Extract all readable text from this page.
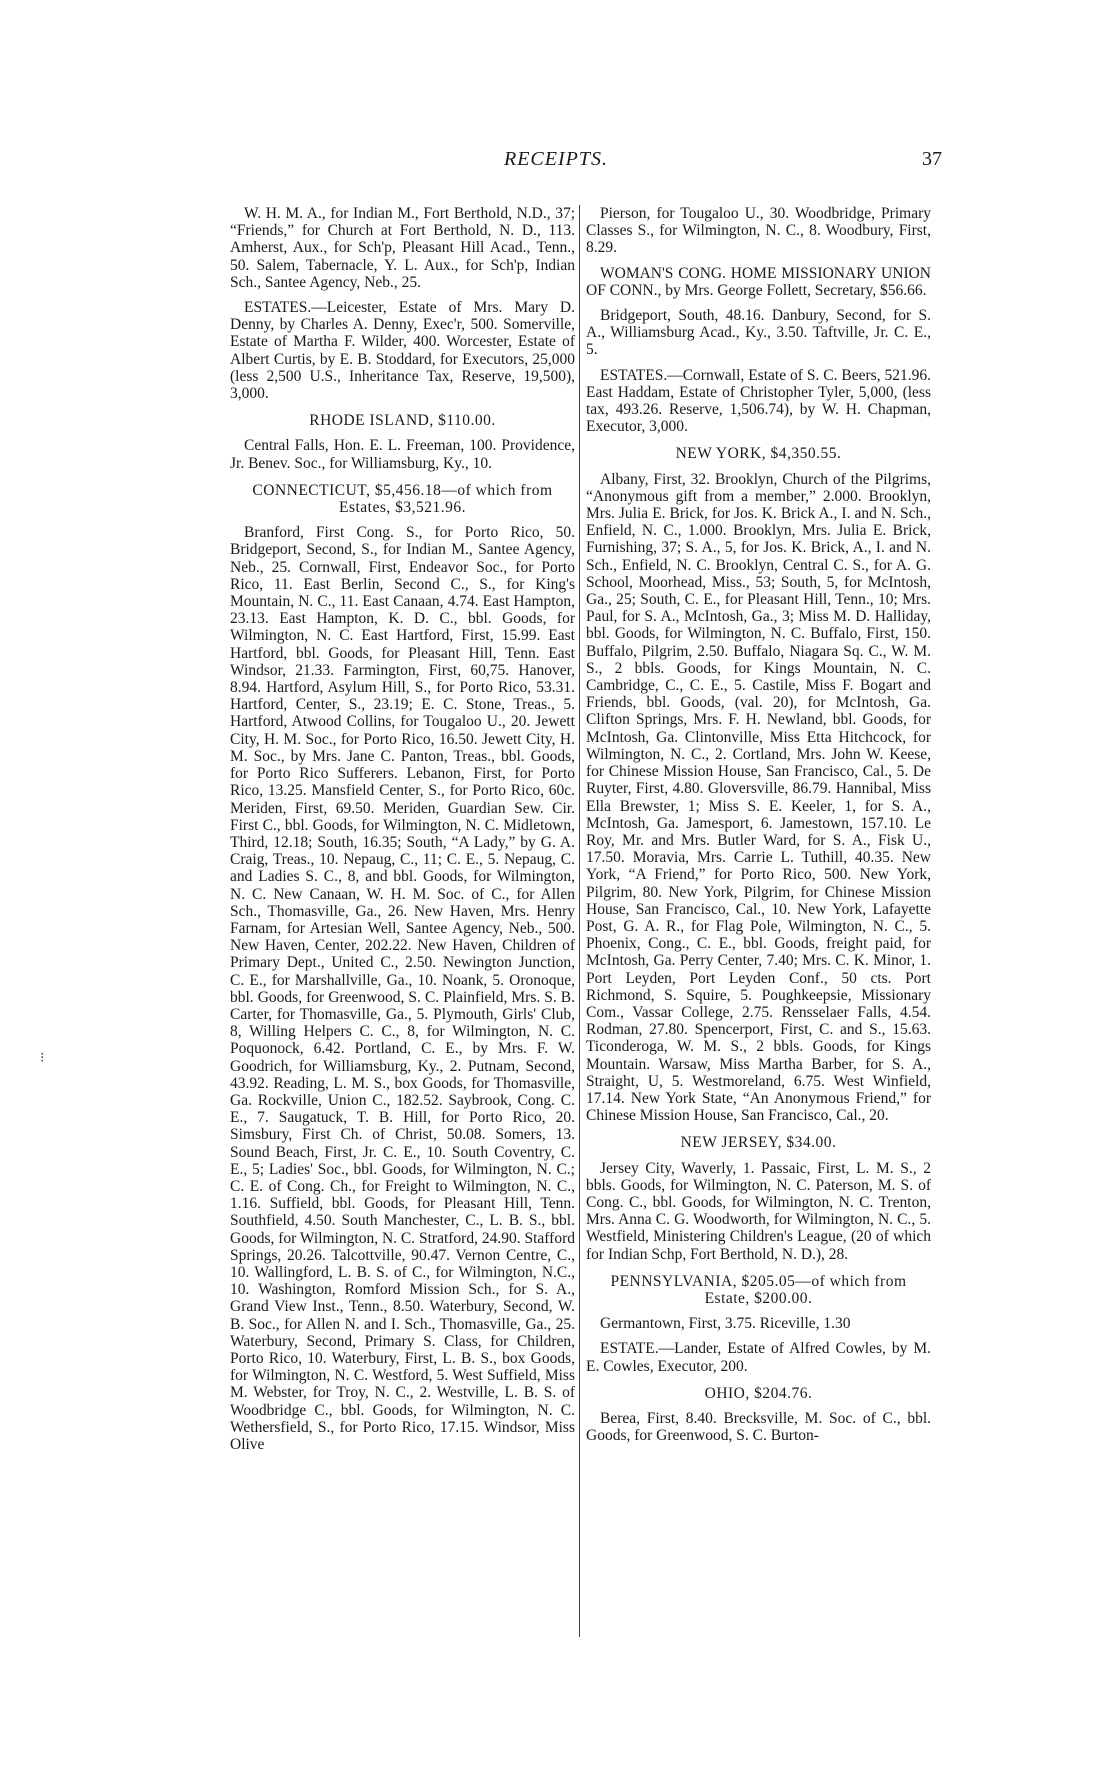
RECEIPTS.	37
⁝

W. H. M. A., for Indian M., Fort Berthold, N.D., 37; “Friends,” for Church at Fort Berthold, N. D., 113. Amherst, Aux., for Sch'p, Pleasant Hill Acad., Tenn., 50. Salem, Tabernacle, Y. L. Aux., for Sch'p, Indian Sch., Santee Agency, Neb., 25.

ESTATES.—Leicester, Estate of Mrs. Mary D. Denny, by Charles A. Denny, Exec'r, 500. Somerville, Estate of Martha F. Wilder, 400. Worcester, Estate of Albert Curtis, by E. B. Stoddard, for Executors, 25,000 (less 2,500 U.S., Inheritance Tax, Reserve, 19,500), 3,000.

RHODE ISLAND, $110.00.

Central Falls, Hon. E. L. Freeman, 100. Providence, Jr. Benev. Soc., for Williamsburg, Ky., 10.

CONNECTICUT, $5,456.18—of which from Estates, $3,521.96.

Branford, First Cong. S., for Porto Rico, 50. Bridgeport, Second, S., for Indian M., Santee Agency, Neb., 25. Cornwall, First, Endeavor Soc., for Porto Rico, 11. East Berlin, Second C., S., for King's Mountain, N. C., 11. East Canaan, 4.74. East Hampton, 23.13. East Hampton, K. D. C., bbl. Goods, for Wilmington, N. C. East Hartford, First, 15.99. East Hartford, bbl. Goods, for Pleasant Hill, Tenn. East Windsor, 21.33. Farmington, First, 60,75. Hanover, 8.94. Hartford, Asylum Hill, S., for Porto Rico, 53.31. Hartford, Center, S., 23.19; E. C. Stone, Treas., 5. Hartford, Atwood Collins, for Tougaloo U., 20. Jewett City, H. M. Soc., for Porto Rico, 16.50. Jewett City, H. M. Soc., by Mrs. Jane C. Panton, Treas., bbl. Goods, for Porto Rico Sufferers. Lebanon, First, for Porto Rico, 13.25. Mansfield Center, S., for Porto Rico, 60c. Meriden, First, 69.50. Meriden, Guardian Sew. Cir. First C., bbl. Goods, for Wilmington, N. C. Midletown, Third, 12.18; South, 16.35; South, “A Lady,” by G. A. Craig, Treas., 10. Nepaug, C., 11; C. E., 5. Nepaug, C. and Ladies S. C., 8, and bbl. Goods, for Wilmington, N. C. New Canaan, W. H. M. Soc. of C., for Allen Sch., Thomasville, Ga., 26. New Haven, Mrs. Henry Farnam, for Artesian Well, Santee Agency, Neb., 500. New Haven, Center, 202.22. New Haven, Children of Primary Dept., United C., 2.50. Newington Junction, C. E., for Marshallville, Ga., 10. Noank, 5. Oronoque, bbl. Goods, for Greenwood, S. C. Plainfield, Mrs. S. B. Carter, for Thomasville, Ga., 5. Plymouth, Girls' Club, 8, Willing Helpers C. C., 8, for Wilmington, N. C. Poquonock, 6.42. Portland, C. E., by Mrs. F. W. Goodrich, for Williamsburg, Ky., 2. Putnam, Second, 43.92. Reading, L. M. S., box Goods, for Thomasville, Ga. Rockville, Union C., 182.52. Saybrook, Cong. C. E., 7. Saugatuck, T. B. Hill, for Porto Rico, 20. Simsbury, First Ch. of Christ, 50.08. Somers, 13. Sound Beach, First, Jr. C. E., 10. South Coventry, C. E., 5; Ladies' Soc., bbl. Goods, for Wilmington, N. C.; C. E. of Cong. Ch., for Freight to Wilmington, N. C., 1.16. Suffield, bbl. Goods, for Pleasant Hill, Tenn. Southfield, 4.50. South Manchester, C., L. B. S., bbl. Goods, for Wilmington, N. C. Stratford, 24.90. Stafford Springs, 20.26. Talcottville, 90.47. Vernon Centre, C., 10. Wallingford, L. B. S. of C., for Wilmington, N.C., 10. Washington, Romford Mission Sch., for S. A., Grand View Inst., Tenn., 8.50. Waterbury, Second, W. B. Soc., for Allen N. and I. Sch., Thomasville, Ga., 25. Waterbury, Second, Primary S. Class, for Children, Porto Rico, 10. Waterbury, First, L. B. S., box Goods, for Wilmington, N. C. Westford, 5. West Suffield, Miss M. Webster, for Troy, N. C., 2. Westville, L. B. S. of Woodbridge C., bbl. Goods, for Wilmington, N. C. Wethersfield, S., for Porto Rico, 17.15. Windsor, Miss Olive

Pierson, for Tougaloo U., 30. Woodbridge, Primary Classes S., for Wilmington, N. C., 8. Woodbury, First, 8.29.

WOMAN'S CONG. HOME MISSIONARY UNION OF CONN., by Mrs. George Follett, Secretary, $56.66.

Bridgeport, South, 48.16. Danbury, Second, for S. A., Williamsburg Acad., Ky., 3.50. Taftville, Jr. C. E., 5.

ESTATES.—Cornwall, Estate of S. C. Beers, 521.96. East Haddam, Estate of Christopher Tyler, 5,000, (less tax, 493.26. Reserve, 1,506.74), by W. H. Chapman, Executor, 3,000.

NEW YORK, $4,350.55.

Albany, First, 32. Brooklyn, Church of the Pilgrims, “Anonymous gift from a member,” 2.000. Brooklyn, Mrs. Julia E. Brick, for Jos. K. Brick A., I. and N. Sch., Enfield, N. C., 1.000. Brooklyn, Mrs. Julia E. Brick, Furnishing, 37; S. A., 5, for Jos. K. Brick, A., I. and N. Sch., Enfield, N. C. Brooklyn, Central C. S., for A. G. School, Moorhead, Miss., 53; South, 5, for McIntosh, Ga., 25; South, C. E., for Pleasant Hill, Tenn., 10; Mrs. Paul, for S. A., McIntosh, Ga., 3; Miss M. D. Halliday, bbl. Goods, for Wilmington, N. C. Buffalo, First, 150. Buffalo, Pilgrim, 2.50. Buffalo, Niagara Sq. C., W. M. S., 2 bbls. Goods, for Kings Mountain, N. C. Cambridge, C., C. E., 5. Castile, Miss F. Bogart and Friends, bbl. Goods, (val. 20), for McIntosh, Ga. Clifton Springs, Mrs. F. H. Newland, bbl. Goods, for McIntosh, Ga. Clintonville, Miss Etta Hitchcock, for Wilmington, N. C., 2. Cortland, Mrs. John W. Keese, for Chinese Mission House, San Francisco, Cal., 5. De Ruyter, First, 4.80. Gloversville, 86.79. Hannibal, Miss Ella Brewster, 1; Miss S. E. Keeler, 1, for S. A., McIntosh, Ga. Jamesport, 6. Jamestown, 157.10. Le Roy, Mr. and Mrs. Butler Ward, for S. A., Fisk U., 17.50. Moravia, Mrs. Carrie L. Tuthill, 40.35. New York, “A Friend,” for Porto Rico, 500. New York, Pilgrim, 80. New York, Pilgrim, for Chinese Mission House, San Francisco, Cal., 10. New York, Lafayette Post, G. A. R., for Flag Pole, Wilmington, N. C., 5. Phoenix, Cong., C. E., bbl. Goods, freight paid, for McIntosh, Ga. Perry Center, 7.40; Mrs. C. K. Minor, 1. Port Leyden, Port Leyden Conf., 50 cts. Port Richmond, S. Squire, 5. Poughkeepsie, Missionary Com., Vassar College, 2.75. Rensselaer Falls, 4.54. Rodman, 27.80. Spencerport, First, C. and S., 15.63. Ticonderoga, W. M. S., 2 bbls. Goods, for Kings Mountain. Warsaw, Miss Martha Barber, for S. A., Straight, U, 5. Westmoreland, 6.75. West Winfield, 17.14. New York State, “An Anonymous Friend,” for Chinese Mission House, San Francisco, Cal., 20.

NEW JERSEY, $34.00.

Jersey City, Waverly, 1. Passaic, First, L. M. S., 2 bbls. Goods, for Wilmington, N. C. Paterson, M. S. of Cong. C., bbl. Goods, for Wilmington, N. C. Trenton, Mrs. Anna C. G. Woodworth, for Wilmington, N. C., 5. Westfield, Ministering Children's League, (20 of which for Indian Schp, Fort Berthold, N. D.), 28.

PENNSYLVANIA, $205.05—of which from Estate, $200.00.

Germantown, First, 3.75. Riceville, 1.30

ESTATE.—Lander, Estate of Alfred Cowles, by M. E. Cowles, Executor, 200.

OHIO, $204.76.

Berea, First, 8.40. Brecksville, M. Soc. of C., bbl. Goods, for Greenwood, S. C. Burton-
